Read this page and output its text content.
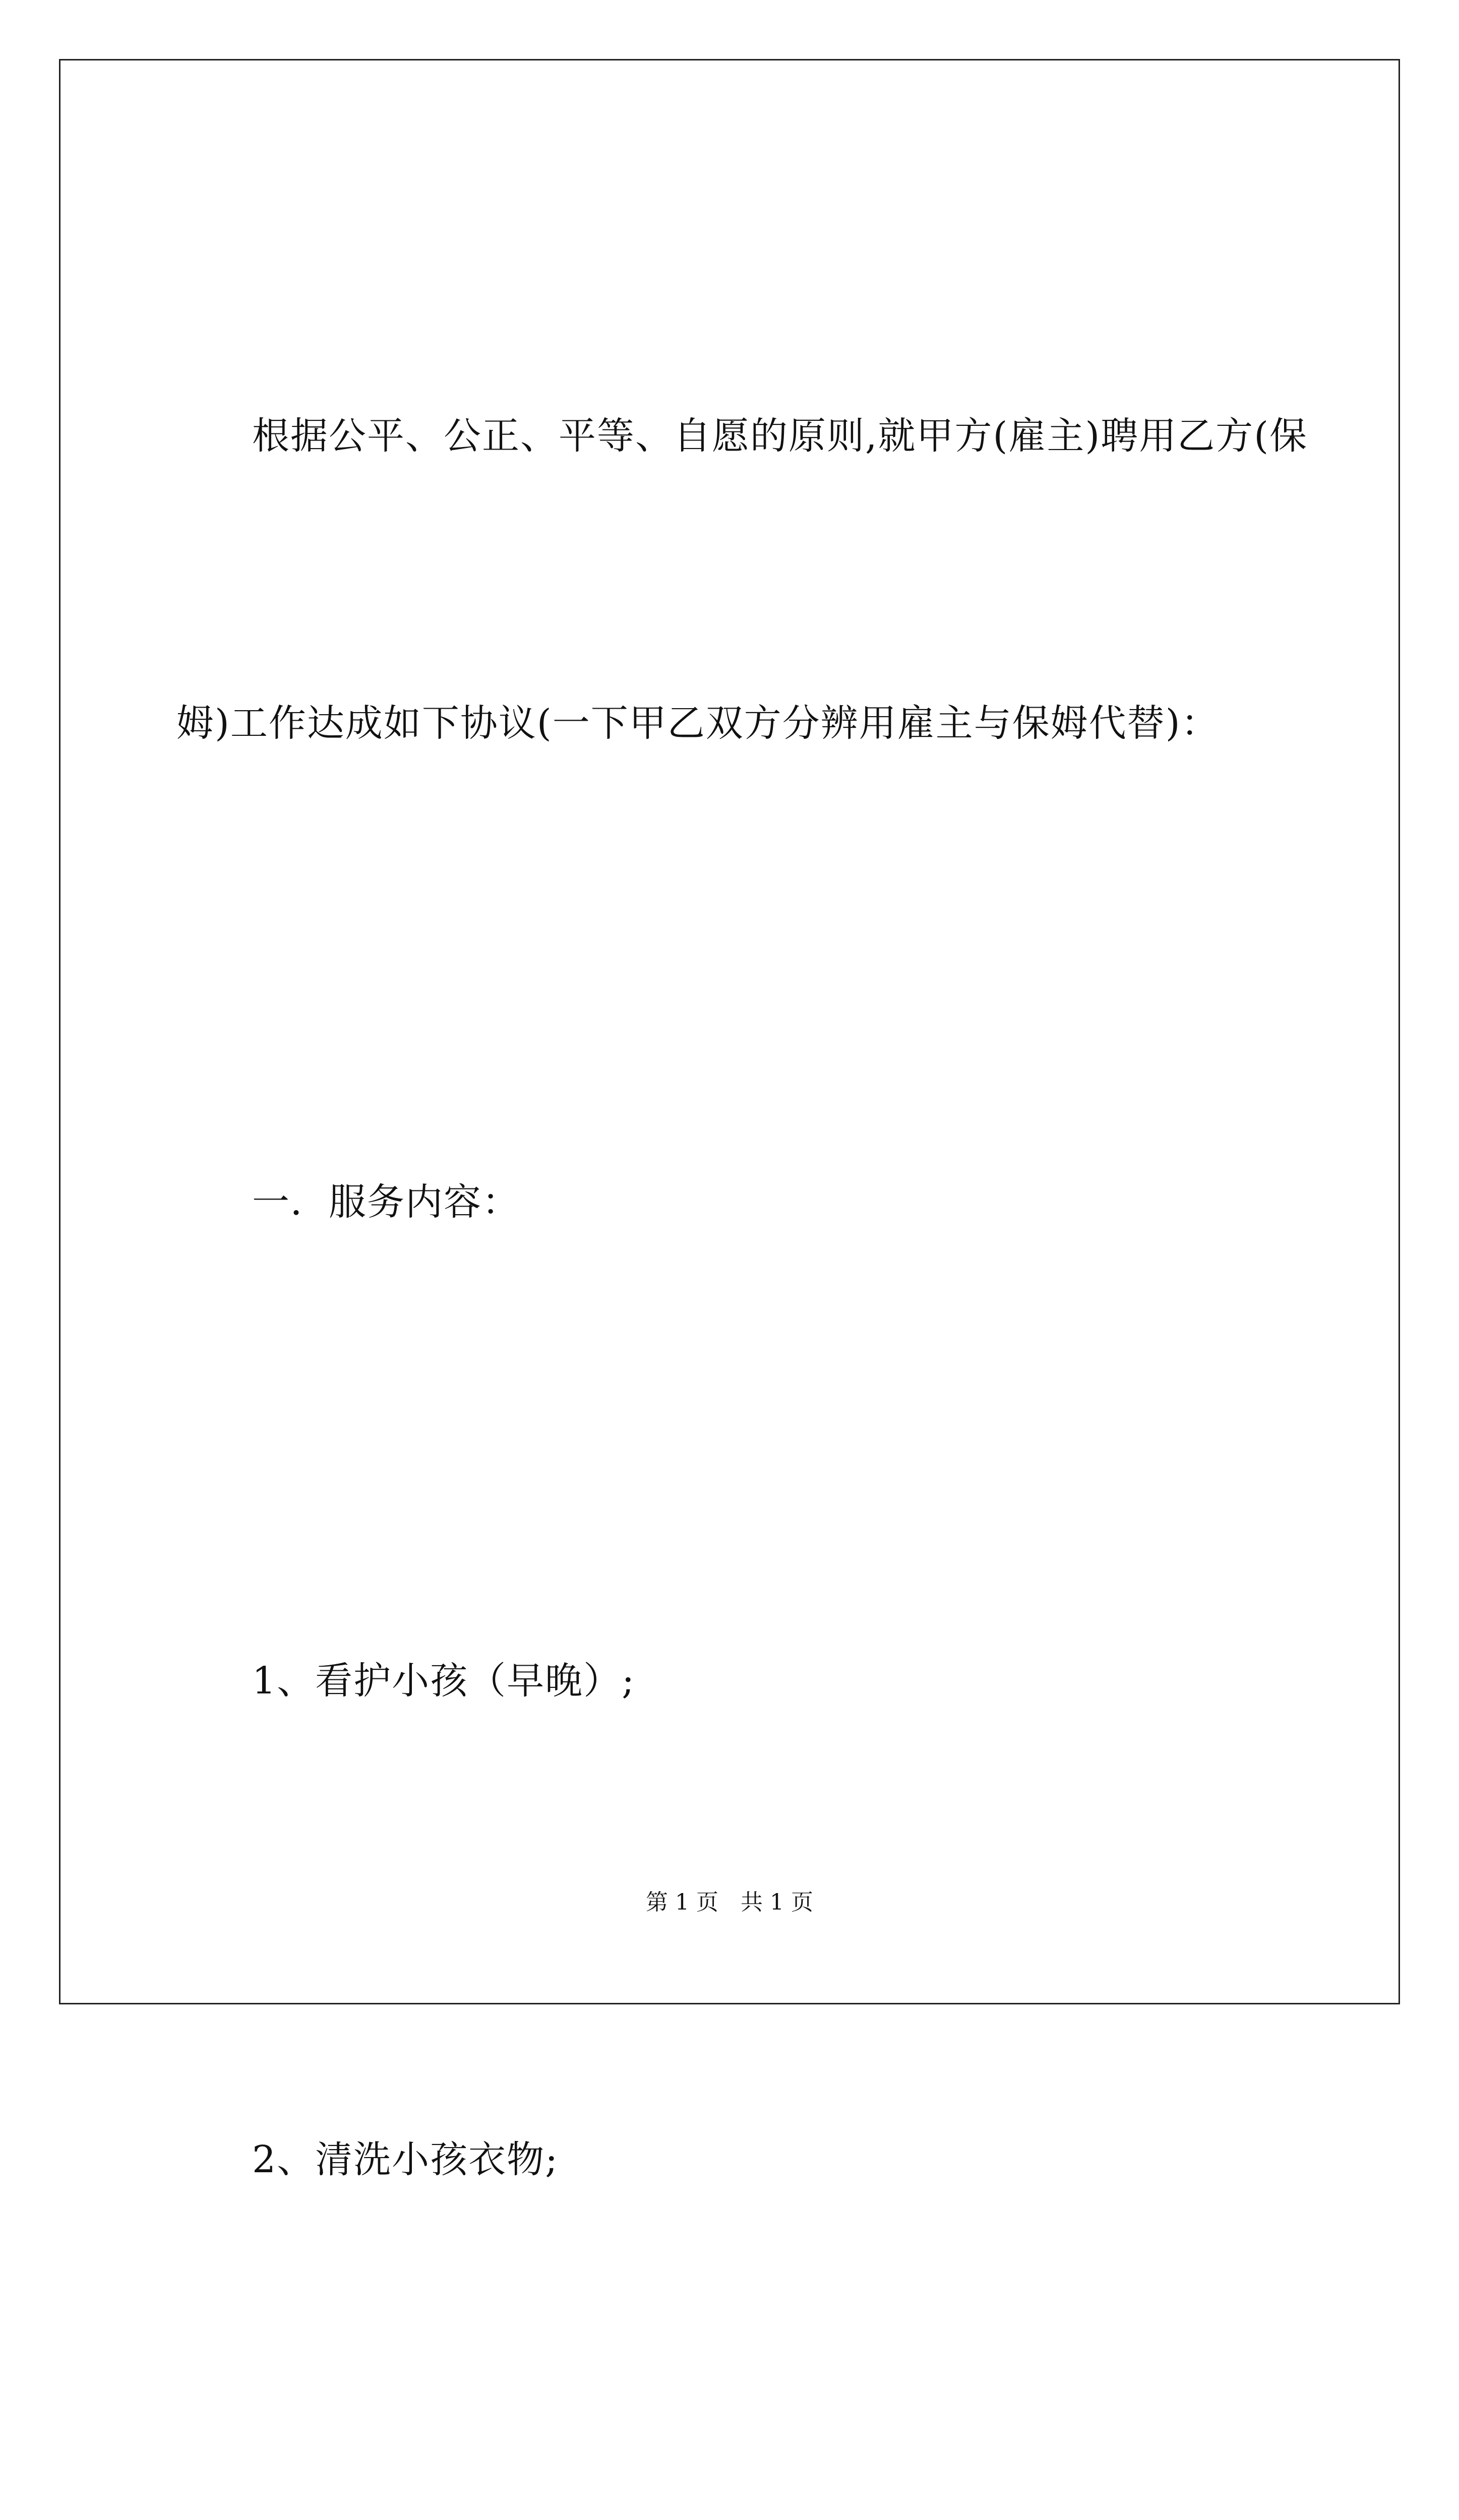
根据公平、公正、平等、自愿的原则,就甲方(雇主)聘用乙方(保

姆)工作达成如下协议(一下甲乙双方分辨用雇主与保姆代替)：

一．服务内容：

1、看护小孩（早晚）;

2、清洗小孩衣物;

第 1 页　共 1 页
